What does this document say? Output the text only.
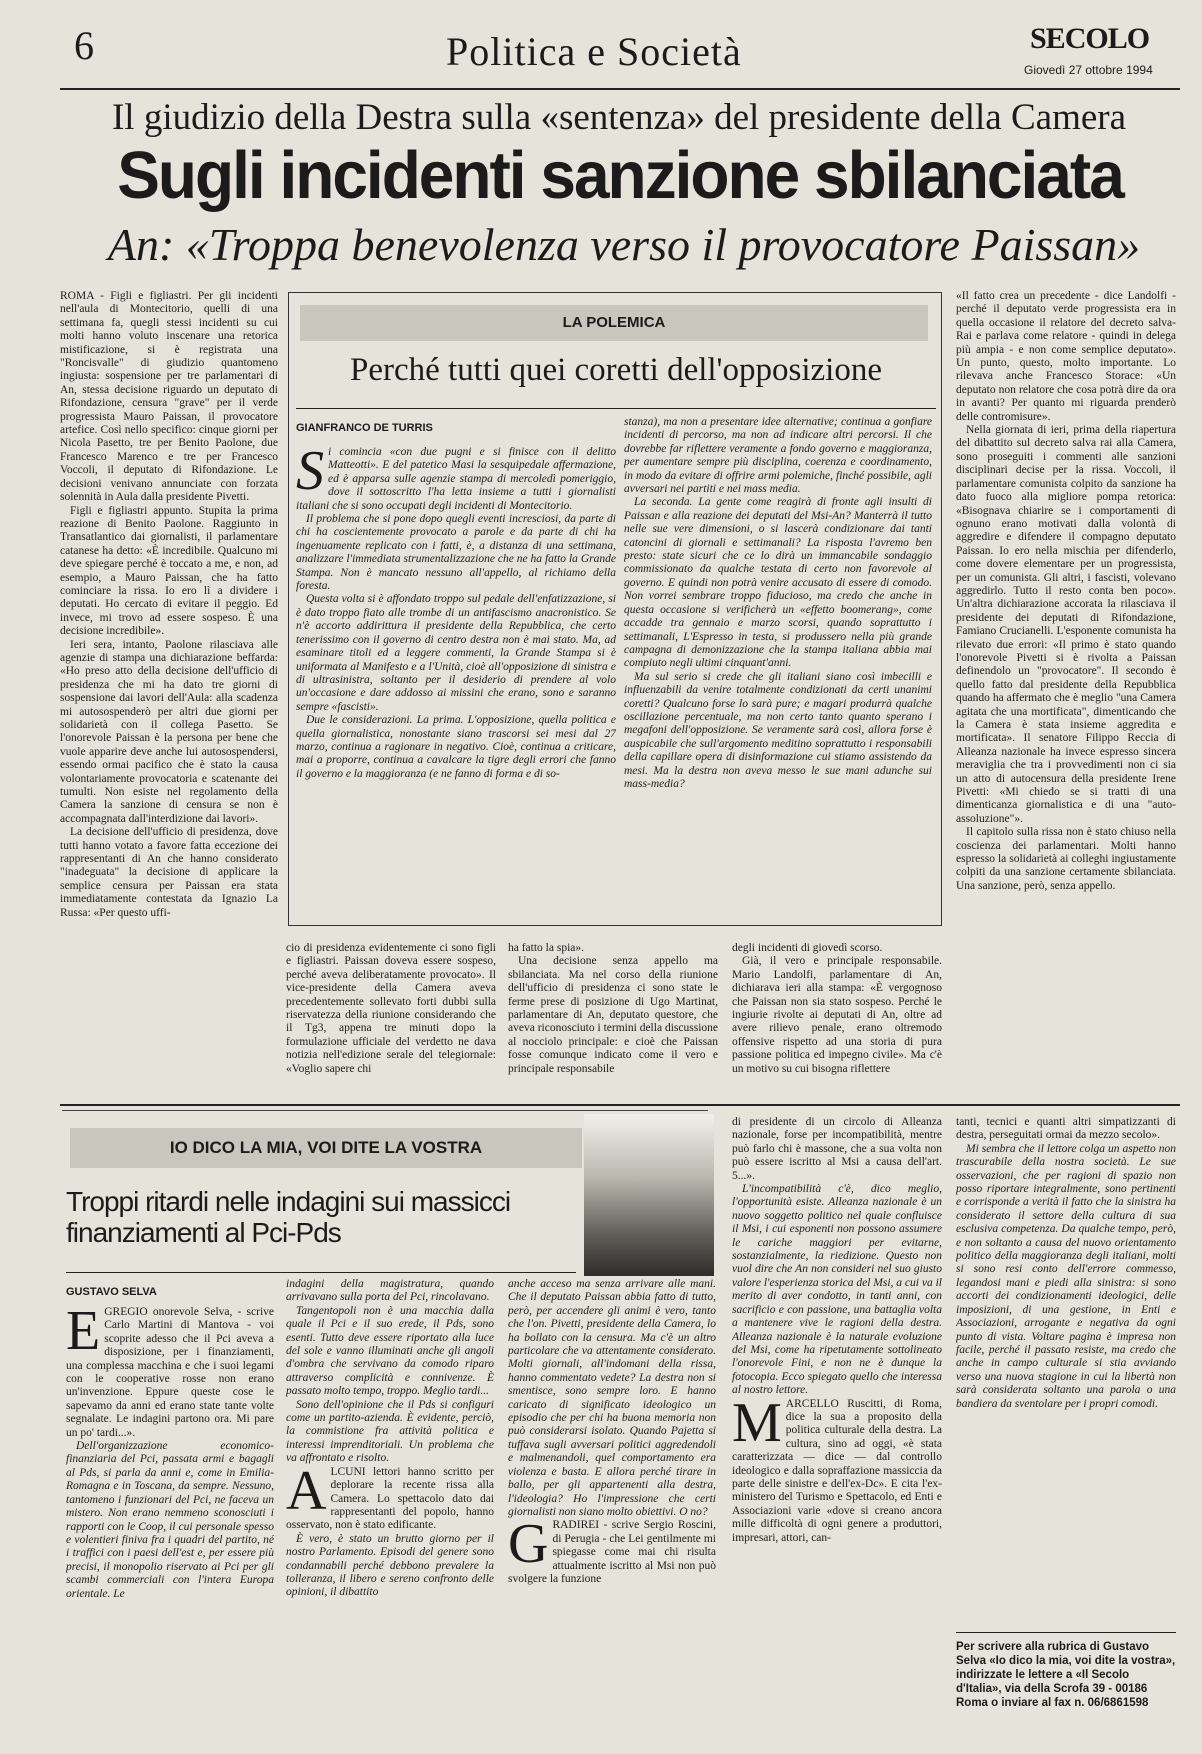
6	Politica e Società	SECOLO
Giovedì 27 ottobre 1994
Il giudizio della Destra sulla «sentenza» del presidente della Camera
Sugli incidenti sanzione sbilanciata
An: «Troppa benevolenza verso il provocatore Paissan»

ROMA - Figli e figliastri. Per gli incidenti nell'aula di Montecitorio, quelli di una settimana fa, quegli stessi incidenti su cui molti hanno voluto inscenare una retorica mistificazione, si è registrata una "Roncisvalle" di giudizio quantomeno ingiusta: sospensione per tre parlamentari di An, stessa decisione riguardo un deputato di Rifondazione, censura "grave" per il verde progressista Mauro Paissan, il provocatore artefice. Così nello specifico: cinque giorni per Nicola Pasetto, tre per Benito Paolone, due Francesco Marenco e tre per Francesco Voccoli, il deputato di Rifondazione. Le decisioni venivano annunciate con forzata solennità in Aula dalla presidente Pivetti.

Figli e figliastri appunto. Stupita la prima reazione di Benito Paolone. Raggiunto in Transatlantico dai giornalisti, il parlamentare catanese ha detto: «È incredibile. Qualcuno mi deve spiegare perché è toccato a me, e non, ad esempio, a Mauro Paissan, che ha fatto cominciare la rissa. Io ero lì a dividere i deputati. Ho cercato di evitare il peggio. Ed invece, mi trovo ad essere sospeso. È una decisione incredibile».

Ieri sera, intanto, Paolone rilasciava alle agenzie di stampa una dichiarazione beffarda: «Ho preso atto della decisione dell'ufficio di presidenza che mi ha dato tre giorni di sospensione dai lavori dell'Aula: alla scadenza mi autosospenderò per altri due giorni per solidarietà con il collega Pasetto. Se l'onorevole Paissan è la persona per bene che vuole apparire deve anche lui autosospendersi, essendo ormai pacifico che è stato la causa volontariamente provocatoria e scatenante dei tumulti. Non esiste nel regolamento della Camera la sanzione di censura se non è accompagnata dall'interdizione dai lavori».

La decisione dell'ufficio di presidenza, dove tutti hanno votato a favore fatta eccezione dei rappresentanti di An che hanno considerato "inadeguata" la decisione di applicare la semplice censura per Paissan era stata immediatamente contestata da Ignazio La Russa: «Per questo uffi-

cio di presidenza evidentemente ci sono figli e figliastri. Paissan doveva essere sospeso, perché aveva deliberatamente provocato». Il vice-presidente della Camera aveva precedentemente sollevato forti dubbi sulla riservatezza della riunione considerando che il Tg3, appena tre minuti dopo la formulazione ufficiale del verdetto ne dava notizia nell'edizione serale del telegiornale: «Voglio sapere chi

ha fatto la spia».

Una decisione senza appello ma sbilanciata. Ma nel corso della riunione dell'ufficio di presidenza ci sono state le ferme prese di posizione di Ugo Martinat, parlamentare di An, deputato questore, che aveva riconosciuto i termini della discussione al nocciolo principale: e cioè che Paissan fosse comunque indicato come il vero e principale responsabile

degli incidenti di giovedì scorso.

Già, il vero e principale responsabile. Mario Landolfi, parlamentare di An, dichiarava ieri alla stampa: «È vergognoso che Paissan non sia stato sospeso. Perché le ingiurie rivolte ai deputati di An, oltre ad avere rilievo penale, erano oltremodo offensive rispetto ad una storia di pura passione politica ed impegno civile». Ma c'è un motivo su cui bisogna riflettere

«Il fatto crea un precedente - dice Landolfi - perché il deputato verde progressista era in quella occasione il relatore del decreto salva-Rai e parlava come relatore - quindi in delega più ampia - e non come semplice deputato». Un punto, questo, molto importante. Lo rilevava anche Francesco Storace: «Un deputato non relatore che cosa potrà dire da ora in avanti? Per quanto mi riguarda prenderò delle contromisure».

Nella giornata di ieri, prima della riapertura del dibattito sul decreto salva rai alla Camera, sono proseguiti i commenti alle sanzioni disciplinari decise per la rissa. Voccoli, il parlamentare comunista colpito da sanzione ha dato fuoco alla migliore pompa retorica: «Bisognava chiarire se i comportamenti di ognuno erano motivati dalla volontà di aggredire e difendere il compagno deputato Paissan. Io ero nella mischia per difenderlo, come dovere elementare per un progressista, per un comunista. Gli altri, i fascisti, volevano aggredirlo. Tutto il resto conta ben poco». Un'altra dichiarazione accorata la rilasciava il presidente dei deputati di Rifondazione, Famiano Crucianelli. L'esponente comunista ha rilevato due errori: «Il primo è stato quando l'onorevole Pivetti si è rivolta a Paissan definendolo un "provocatore". Il secondo è quello fatto dal presidente della Repubblica quando ha affermato che è meglio "una Camera agitata che una mortificata", dimenticando che la Camera è stata insieme aggredita e mortificata». Il senatore Filippo Reccia di Alleanza nazionale ha invece espresso sincera meraviglia che tra i provvedimenti non ci sia un atto di autocensura della presidente Irene Pivetti: «Mi chiedo se si tratti di una dimenticanza giornalistica e di una "auto-assoluzione"».

Il capitolo sulla rissa non è stato chiuso nella coscienza dei parlamentari. Molti hanno espresso la solidarietà ai colleghi ingiustamente colpiti da una sanzione certamente sbilanciata. Una sanzione, però, senza appello.

LA POLEMICA
Perché tutti quei coretti dell'opposizione
GIANFRANCO DE TURRIS
S i comincia «con due pugni e si finisce con il delitto Matteotti». E del patetico Masi la sesquipedale affermazione, ed è apparsa sulle agenzie stampa di mercoledì pomeriggio, dove il sottoscritto l'ha letta insieme a tutti i giornalisti italiani che si sono occupati degli incidenti di Montecitorio.

Il problema che si pone dopo quegli eventi incresciosi, da parte di chi ha coscientemente provocato a parole e da parte di chi ha ingenuamente replicato con i fatti, è, a distanza di una settimana, analizzare l'immediata strumentalizzazione che ne ha fatto la Grande Stampa. Non è mancato nessuno all'appello, al richiamo della foresta.

Questa volta si è affondato troppo sul pedale dell'enfatizzazione, si è dato troppo fiato alle trombe di un antifascismo anacronistico. Se n'è accorto addirittura il presidente della Repubblica, che certo tenerissimo con il governo di centro destra non è mai stato. Ma, ad esaminare titoli ed a leggere commenti, la Grande Stampa si è uniformata al Manifesto e a l'Unità, cioè all'opposizione di sinistra e di ultrasinistra, soltanto per il desiderio di prendere al volo un'occasione e dare addosso ai missini che erano, sono e saranno sempre «fascisti».

Due le considerazioni. La prima. L'opposizione, quella politica e quella giornalistica, nonostante siano trascorsi sei mesi dal 27 marzo, continua a ragionare in negativo. Cioè, continua a criticare, mai a proporre, continua a cavalcare la tigre degli errori che fanno il governo e la maggioranza (e ne fanno di forma e di so-

stanza), ma non a presentare idee alternative; continua a gonfiare incidenti di percorso, ma non ad indicare altri percorsi. Il che dovrebbe far riflettere veramente a fondo governo e maggioranza, per aumentare sempre più disciplina, coerenza e coordinamento, in modo da evitare di offrire armi polemiche, finché possibile, agli avversari nei partiti e nei mass media.

La seconda. La gente come reagirà di fronte agli insulti di Paissan e alla reazione dei deputati del Msi-An? Manterrà il tutto nelle sue vere dimensioni, o si lascerà condizionare dai tanti catoncini di giornali e settimanali? La risposta l'avremo ben presto: state sicuri che ce lo dirà un immancabile sondaggio commissionato da qualche testata di certo non favorevole al governo. E quindi non potrà venire accusato di essere di comodo. Non vorrei sembrare troppo fiducioso, ma credo che anche in questa occasione si verificherà un «effetto boomerang», come accadde tra gennaio e marzo scorsi, quando soprattutto i settimanali, L'Espresso in testa, si produssero nella più grande campagna di demonizzazione che la stampa italiana abbia mai compiuto negli ultimi cinquant'anni.

Ma sul serio si crede che gli italiani siano così imbecilli e influenzabili da venire totalmente condizionati da certi unanimi coretti? Qualcuno forse lo sarà pure; e magari produrrà qualche oscillazione percentuale, ma non certo tanto quanto sperano i megafoni dell'opposizione. Se veramente sarà così, allora forse è auspicabile che sull'argomento meditino soprattutto i responsabili della capillare opera di disinformazione cui stiamo assistendo da mesi. Ma la destra non aveva messo le sue mani adunche sui mass-media?

IO DICO LA MIA, VOI DITE LA VOSTRA
Troppi ritardi nelle indagini sui massicci finanziamenti al Pci-Pds
GUSTAVO SELVA
E GREGIO onorevole Selva, - scrive Carlo Martini di Mantova - voi scoprite adesso che il Pci aveva a disposizione, per i finanziamenti, una complessa macchina e che i suoi legami con le cooperative rosse non erano un'invenzione. Eppure queste cose le sapevamo da anni ed erano state tante volte segnalate. Le indagini partono ora. Mi pare un po' tardi...».

Dell'organizzazione economico-finanziaria del Pci, passata armi e bagagli al Pds, si parla da anni e, come in Emilia-Romagna e in Toscana, da sempre. Nessuno, tantomeno i funzionari del Pci, ne faceva un mistero. Non erano nemmeno sconosciuti i rapporti con le Coop, il cui personale spesso e volentieri finiva fra i quadri del partito, né i traffici con i paesi dell'est e, per essere più precisi, il monopolio riservato ai Pci per gli scambi commerciali con l'intera Europa orientale. Le

indagini della magistratura, quando arrivavano sulla porta del Pci, rincolavano.

Tangentopoli non è una macchia dalla quale il Pci e il suo erede, il Pds, sono esenti. Tutto deve essere riportato alla luce del sole e vanno illuminati anche gli angoli d'ombra che servivano da comodo riparo attraverso complicità e connivenze. È passato molto tempo, troppo. Meglio tardi...

Sono dell'opinione che il Pds si configuri come un partito-azienda. È evidente, perciò, la commistione fra attività politica e interessi imprenditoriali. Un problema che va affrontato e risolto.

A LCUNI lettori hanno scritto per deplorare la recente rissa alla Camera. Lo spettacolo dato dai rappresentanti del popolo, hanno osservato, non è stato edificante.

È vero, è stato un brutto giorno per il nostro Parlamento. Episodi del genere sono condannabili perché debbono prevalere la tolleranza, il libero e sereno confronto delle opinioni, il dibattito

anche acceso ma senza arrivare alle mani. Che il deputato Paissan abbia fatto di tutto, però, per accendere gli animi è vero, tanto che l'on. Pivetti, presidente della Camera, lo ha bollato con la censura. Ma c'è un altro particolare che va attentamente considerato. Molti giornali, all'indomani della rissa, hanno commentato vedete? La destra non si smentisce, sono sempre loro. E hanno caricato di significato ideologico un episodio che per chi ha buona memoria non può considerarsi isolato. Quando Pajetta si tuffava sugli avversari politici aggredendoli e malmenandoli, quel comportamento era violenza e basta. E allora perché tirare in ballo, per gli appartenenti alla destra, l'ideologia? Ho l'impressione che certi giornalisti non siano molto obiettivi. O no?

G RADIREI - scrive Sergio Roscini, di Perugia - che Lei gentilmente mi spiegasse come mai chi risulta attualmente iscritto al Msi non può svolgere la funzione

di presidente di un circolo di Alleanza nazionale, forse per incompatibilità, mentre può farlo chi è massone, che a sua volta non può essere iscritto al Msi a causa dell'art. 5...».

L'incompatibilità c'è, dico meglio, l'opportunità esiste. Alleanza nazionale è un nuovo soggetto politico nel quale confluisce il Msi, i cui esponenti non possono assumere le cariche maggiori per evitarne, sostanzialmente, la riedizione. Questo non vuol dire che An non consideri nel suo giusto valore l'esperienza storica del Msi, a cui va il merito di aver condotto, in tanti anni, con sacrificio e con passione, una battaglia volta a mantenere vive le ragioni della destra. Alleanza nazionale è la naturale evoluzione del Msi, come ha ripetutamente sottolineato l'onorevole Fini, e non ne è dunque la fotocopia. Ecco spiegato quello che interessa al nostro lettore.

M ARCELLO Ruscitti, di Roma, dice la sua a proposito della politica culturale della destra. La cultura, sino ad oggi, «è stata caratterizzata — dice — dal controllo ideologico e dalla sopraffazione massiccia da parte delle sinistre e dell'ex-Dc». E cita l'ex-ministero del Turismo e Spettacolo, ed Enti e Associazioni varie «dove si creano ancora mille difficoltà di ogni genere a produttori, impresari, attori, can-

tanti, tecnici e quanti altri simpatizzanti di destra, perseguitati ormai da mezzo secolo».

Mi sembra che il lettore colga un aspetto non trascurabile della nostra società. Le sue osservazioni, che per ragioni di spazio non posso riportare integralmente, sono pertinenti e corrisponde a verità il fatto che la sinistra ha considerato il settore della cultura di sua esclusiva competenza. Da qualche tempo, però, e non soltanto a causa del nuovo orientamento politico della maggioranza degli italiani, molti si sono resi conto dell'errore commesso, legandosi mani e piedi alla sinistra: si sono accorti dei condizionamenti ideologici, delle imposizioni, di una gestione, in Enti e Associazioni, arrogante e negativa da ogni punto di vista. Voltare pagina è impresa non facile, perché il passato resiste, ma credo che anche in campo culturale si stia avviando verso una nuova stagione in cui la libertà non sarà considerata soltanto una parola o una bandiera da sventolare per i propri comodi.

Per scrivere alla rubrica di Gustavo Selva «Io dico la mia, voi dite la vostra», indirizzate le lettere a «Il Secolo d'Italia», via della Scrofa 39 - 00186 Roma o inviare al fax n. 06/6861598
